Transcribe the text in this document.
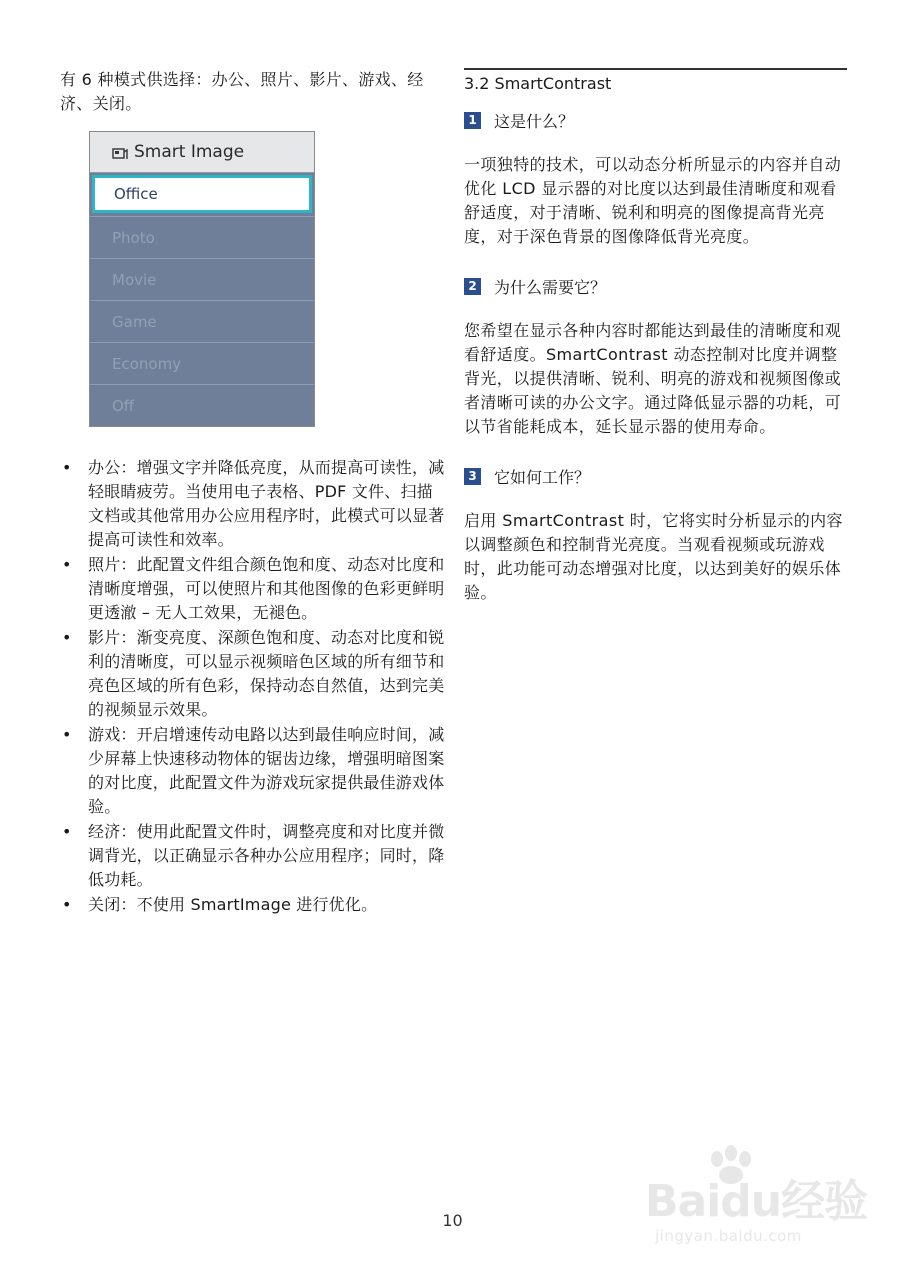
有 6 种模式供选择：办公、照片、影片、游戏、经济、关闭。

Smart Image
Office
Photo
Movie
Game
Economy
Off
• 办公：增强文字并降低亮度，从而提高可读性，减轻眼睛疲劳。当使用电子表格、PDF 文件、扫描文档或其他常用办公应用程序时，此模式可以显著提高可读性和效率。
• 照片：此配置文件组合颜色饱和度、动态对比度和清晰度增强，可以使照片和其他图像的色彩更鲜明更透澈 – 无人工效果，无褪色。
• 影片：渐变亮度、深颜色饱和度、动态对比度和锐利的清晰度，可以显示视频暗色区域的所有细节和亮色区域的所有色彩，保持动态自然值，达到完美的视频显示效果。
• 游戏：开启增速传动电路以达到最佳响应时间，减少屏幕上快速移动物体的锯齿边缘，增强明暗图案的对比度，此配置文件为游戏玩家提供最佳游戏体验。
• 经济：使用此配置文件时，调整亮度和对比度并微调背光，以正确显示各种办公应用程序；同时，降低功耗。
• 关闭：不使用 SmartImage 进行优化。
3.2 SmartContrast
1 这是什么？

一项独特的技术，可以动态分析所显示的内容并自动优化 LCD 显示器的对比度以达到最佳清晰度和观看舒适度，对于清晰、锐利和明亮的图像提高背光亮度，对于深色背景的图像降低背光亮度。

2 为什么需要它？

您希望在显示各种内容时都能达到最佳的清晰度和观看舒适度。SmartContrast 动态控制对比度并调整背光，以提供清晰、锐利、明亮的游戏和视频图像或者清晰可读的办公文字。通过降低显示器的功耗，可以节省能耗成本，延长显示器的使用寿命。

3 它如何工作？

启用 SmartContrast 时，它将实时分析显示的内容以调整颜色和控制背光亮度。当观看视频或玩游戏时，此功能可动态增强对比度，以达到美好的娱乐体验。

10	Baidu经验
jingyan.baidu.com
